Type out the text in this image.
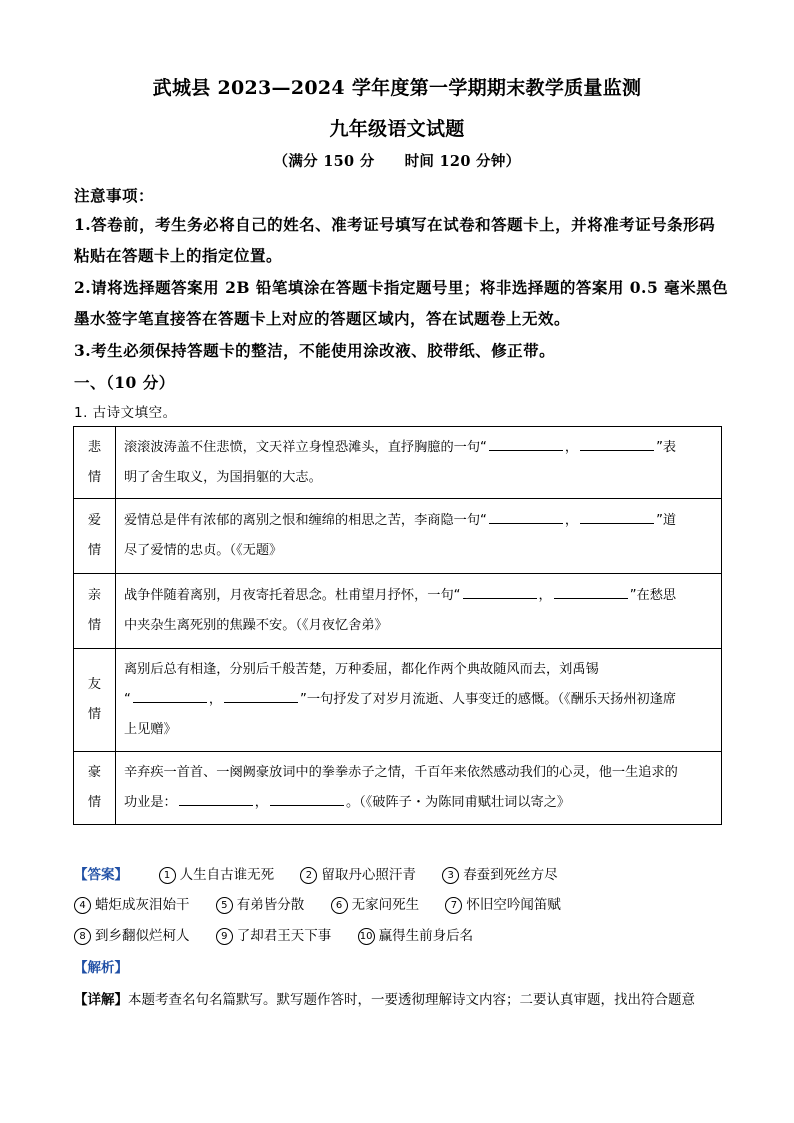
武城县 2023—2024 学年度第一学期期末教学质量监测
九年级语文试题
（满分 150 分 时间 120 分钟）
注意事项：
1.答卷前，考生务必将自己的姓名、准考证号填写在试卷和答题卡上，并将准考证号条形码
粘贴在答题卡上的指定位置。
2.请将选择题答案用 2B 铅笔填涂在答题卡指定题号里；将非选择题的答案用 0.5 毫米黑色
墨水签字笔直接答在答题卡上对应的答题区域内，答在试题卷上无效。
3.考生必须保持答题卡的整洁，不能使用涂改液、胶带纸、修正带。
一、（10 分）
1. 古诗文填空。
悲
情	滚滚波涛盖不住悲愤，文天祥立身惶恐滩头，直抒胸臆的一句“ ， ”表
明了舍生取义，为国捐躯的大志。

爱
情	爱情总是伴有浓郁的离别之恨和缠绵的相思之苦，李商隐一句“ ， ”道
尽了爱情的忠贞。（《无题》

亲
情	战争伴随着离别，月夜寄托着思念。杜甫望月抒怀，一句“ ， ”在愁思
中夹杂生离死别的焦躁不安。（《月夜忆舍弟》

友
情	离别后总有相逢，分别后千般苦楚，万种委屈，都化作两个典故随风而去，刘禹锡
“ ， ”一句抒发了对岁月流逝、人事变迁的感慨。（《酬乐天扬州初逢席
上见赠》

豪
情	辛弃疾一首首、一阕阙豪放词中的拳拳赤子之情，千百年来依然感动我们的心灵，他一生追求的
功业是： ， 。（《破阵子・为陈同甫赋壮词以寄之》
【答案】	1 人生自古谁无死	2 留取丹心照汗青	3 春蚕到死丝方尽
4 蜡炬成灰泪始干	5 有弟皆分散	6 无家问死生	7 怀旧空吟闻笛赋
8 到乡翻似烂柯人	9 了却君王天下事	10 赢得生前身后名
【解析】
【详解】本题考查名句名篇默写。默写题作答时，一要透彻理解诗文内容；二要认真审题，找出符合题意
